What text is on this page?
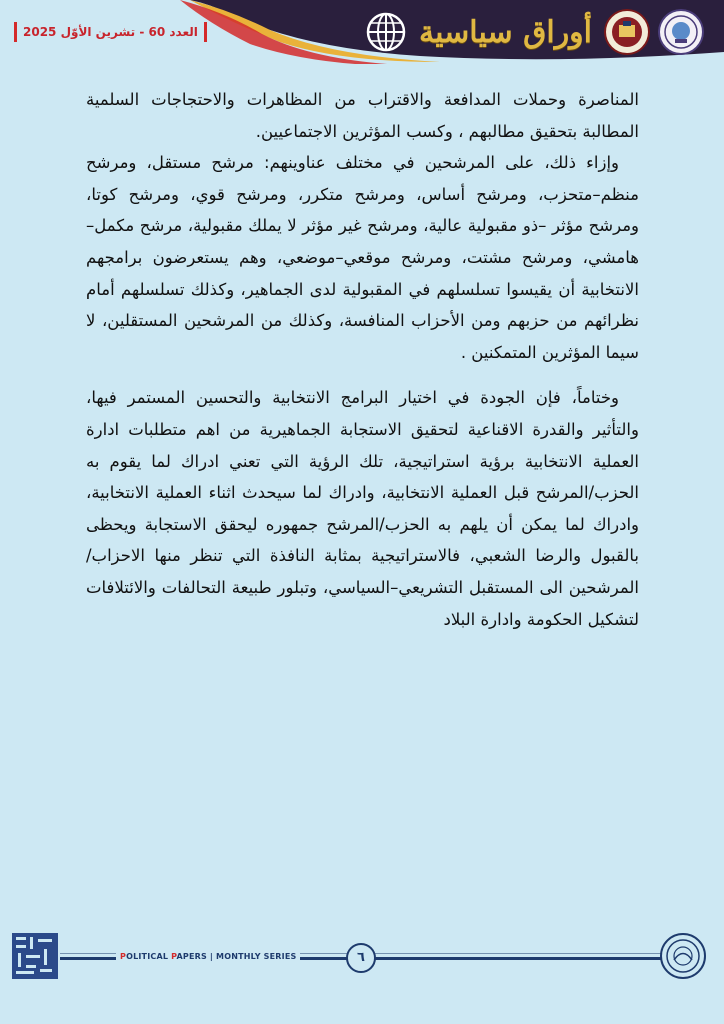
العدد 60 - تشرين الأوّل 2025	أوراق سياسية

المناصرة وحملات المدافعة والاقتراب من المظاهرات والاحتجاجات السلمية المطالبة بتحقيق مطالبهم ، وكسب المؤثرين الاجتماعيين.

وإزاء ذلك، على المرشحين في مختلف عناوينهم: مرشح مستقل، ومرشح منظم–متحزب، ومرشح أساس، ومرشح متكرر، ومرشح قوي، ومرشح كوتا، ومرشح مؤثر –ذو مقبولية عالية، ومرشح غير مؤثر لا يملك مقبولية، مرشح مكمل–هامشي، ومرشح مشتت، ومرشح موقعي–موضعي، وهم يستعرضون برامجهم الانتخابية أن يقيسوا تسلسلهم في المقبولية لدى الجماهير، وكذلك تسلسلهم أمام نظرائهم من حزبهم ومن الأحزاب المنافسة، وكذلك من المرشحين المستقلين، لا سيما المؤثرين المتمكنين .

وختاماً، فإن الجودة في اختيار البرامج الانتخابية والتحسين المستمر فيها، والتأثير والقدرة الاقناعية لتحقيق الاستجابة الجماهيرية من اهم متطلبات ادارة العملية الانتخابية برؤية استراتيجية، تلك الرؤية التي تعني ادراك لما يقوم به الحزب/المرشح قبل العملية الانتخابية، وادراك لما سيحدث اثناء العملية الانتخابية، وادراك لما يمكن أن يلهم به الحزب/المرشح جمهوره ليحقق الاستجابة ويحظى بالقبول والرضا الشعبي، فالاستراتيجية بمثابة النافذة التي تنظر منها الاحزاب/المرشحين الى المستقبل التشريعي–السياسي، وتبلور طبيعة التحالفات والائتلافات لتشكيل الحكومة وادارة البلاد

POLITICAL PAPERS | MONTHLY SERIES	٦
